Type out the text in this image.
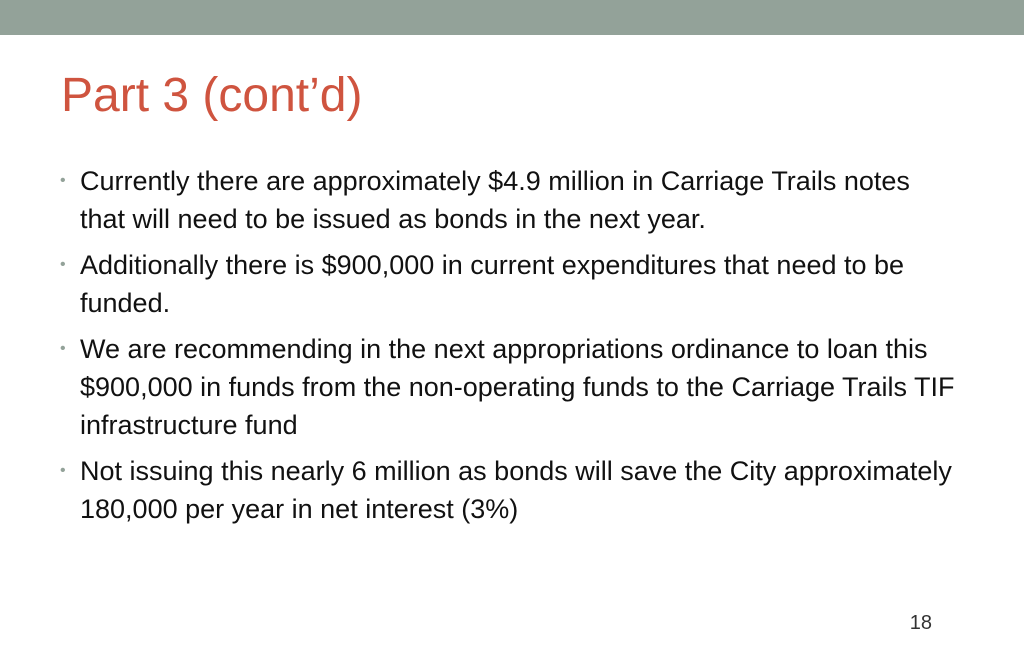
Part 3 (cont’d)
• Currently there are approximately $4.9 million in Carriage Trails notes that will need to be issued as bonds in the next year.
• Additionally there is $900,000 in current expenditures that need to be funded.
• We are recommending in the next appropriations ordinance to loan this $900,000 in funds from the non-operating funds to the Carriage Trails TIF infrastructure fund
• Not issuing this nearly 6 million as bonds will save the City approximately 180,000 per year in net interest (3%)
18
